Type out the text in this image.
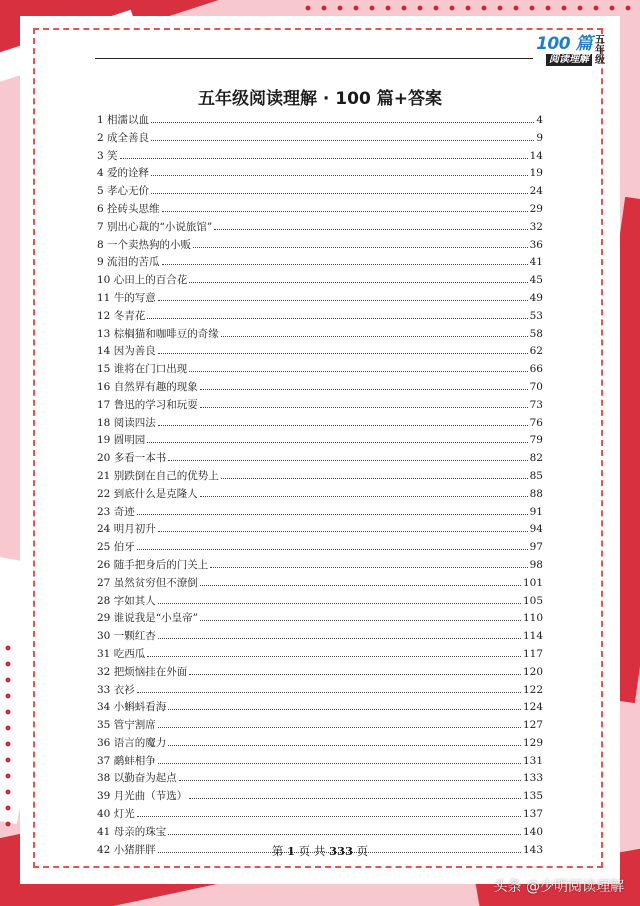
100 篇
阅读理解
五年级
五年级阅读理解 · 100 篇+答案
1 相濡以血	4
2 成全善良	9
3 笑	14
4 爱的诠释	19
5 孝心无价	24
6 拴砖头思维	29
7 别出心裁的“小说旅馆”	32
8 一个卖热狗的小贩	36
9 流泪的苦瓜	41
10 心田上的百合花	45
11 牛的写意	49
12 冬青花	53
13 棕榈猫和咖啡豆的奇缘	58
14 因为善良	62
15 谁将在门口出现	66
16 自然界有趣的现象	70
17 鲁迅的学习和玩耍	73
18 阅读四法	76
19 圆明园	79
20 多看一本书	82
21 别跌倒在自己的优势上	85
22 到底什么是克隆人	88
23 奇迹	91
24 明月初升	94
25 伯牙	97
26 随手把身后的门关上	98
27 虽然贫穷但不潦倒	101
28 字如其人	105
29 谁说我是“小皇帝”	110
30 一颗红杏	114
31 吃西瓜	117
32 把烦恼挂在外面	120
33 衣衫	122
34 小蝌蚪看海	124
35 管宁割席	127
36 语言的魔力	129
37 鹬蚌相争	131
38 以勤奋为起点	133
39 月光曲（节选）	135
40 灯光	137
41 母亲的珠宝	140
42 小猪胖胖	143
第 1 页 共 333 页
头条 @少明阅读理解
